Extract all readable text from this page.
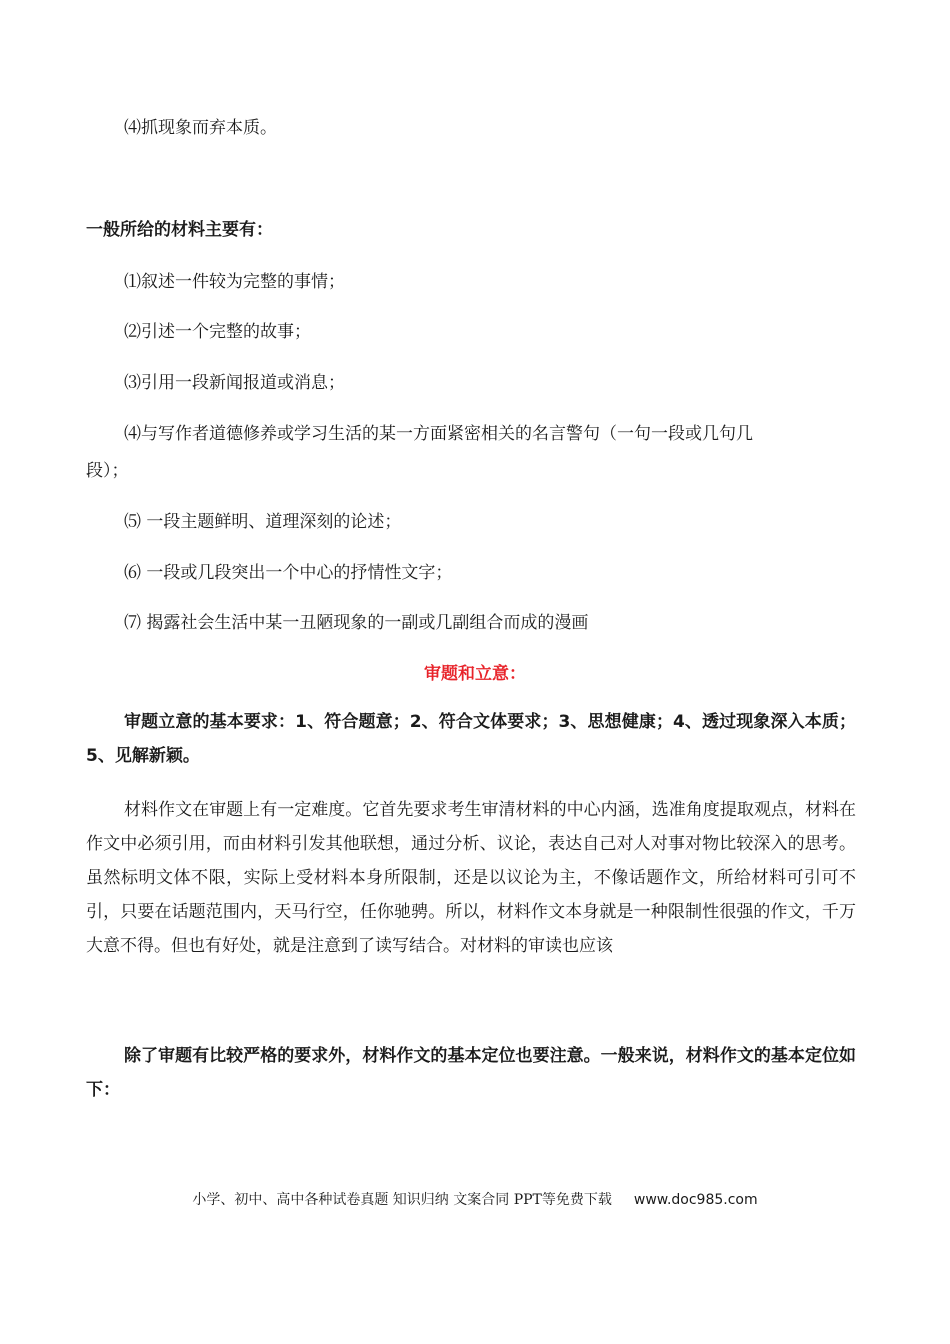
⑷抓现象而弃本质。
一般所给的材料主要有：
⑴叙述一件较为完整的事情；
⑵引述一个完整的故事；
⑶引用一段新闻报道或消息；
⑷与写作者道德修养或学习生活的某一方面紧密相关的名言警句（一句一段或几句几
段）；
⑸ 一段主题鲜明、道理深刻的论述；
⑹ 一段或几段突出一个中心的抒情性文字；
⑺ 揭露社会生活中某一丑陋现象的一副或几副组合而成的漫画
审题和立意：
审题立意的基本要求：1、符合题意；2、符合文体要求；3、思想健康；4、透过现象深入本质；5、见解新颖。
材料作文在审题上有一定难度。它首先要求考生审清材料的中心内涵，选准角度提取观点，材料在作文中必须引用，而由材料引发其他联想，通过分析、议论，表达自己对人对事对物比较深入的思考。虽然标明文体不限，实际上受材料本身所限制，还是以议论为主，不像话题作文，所给材料可引可不引，只要在话题范围内，天马行空，任你驰骋。所以，材料作文本身就是一种限制性很强的作文，千万大意不得。但也有好处，就是注意到了读写结合。对材料的审读也应该
除了审题有比较严格的要求外，材料作文的基本定位也要注意。一般来说，材料作文的基本定位如下：
小学、初中、高中各种试卷真题 知识归纳 文案合同 PPT等免费下载 www.doc985.com
